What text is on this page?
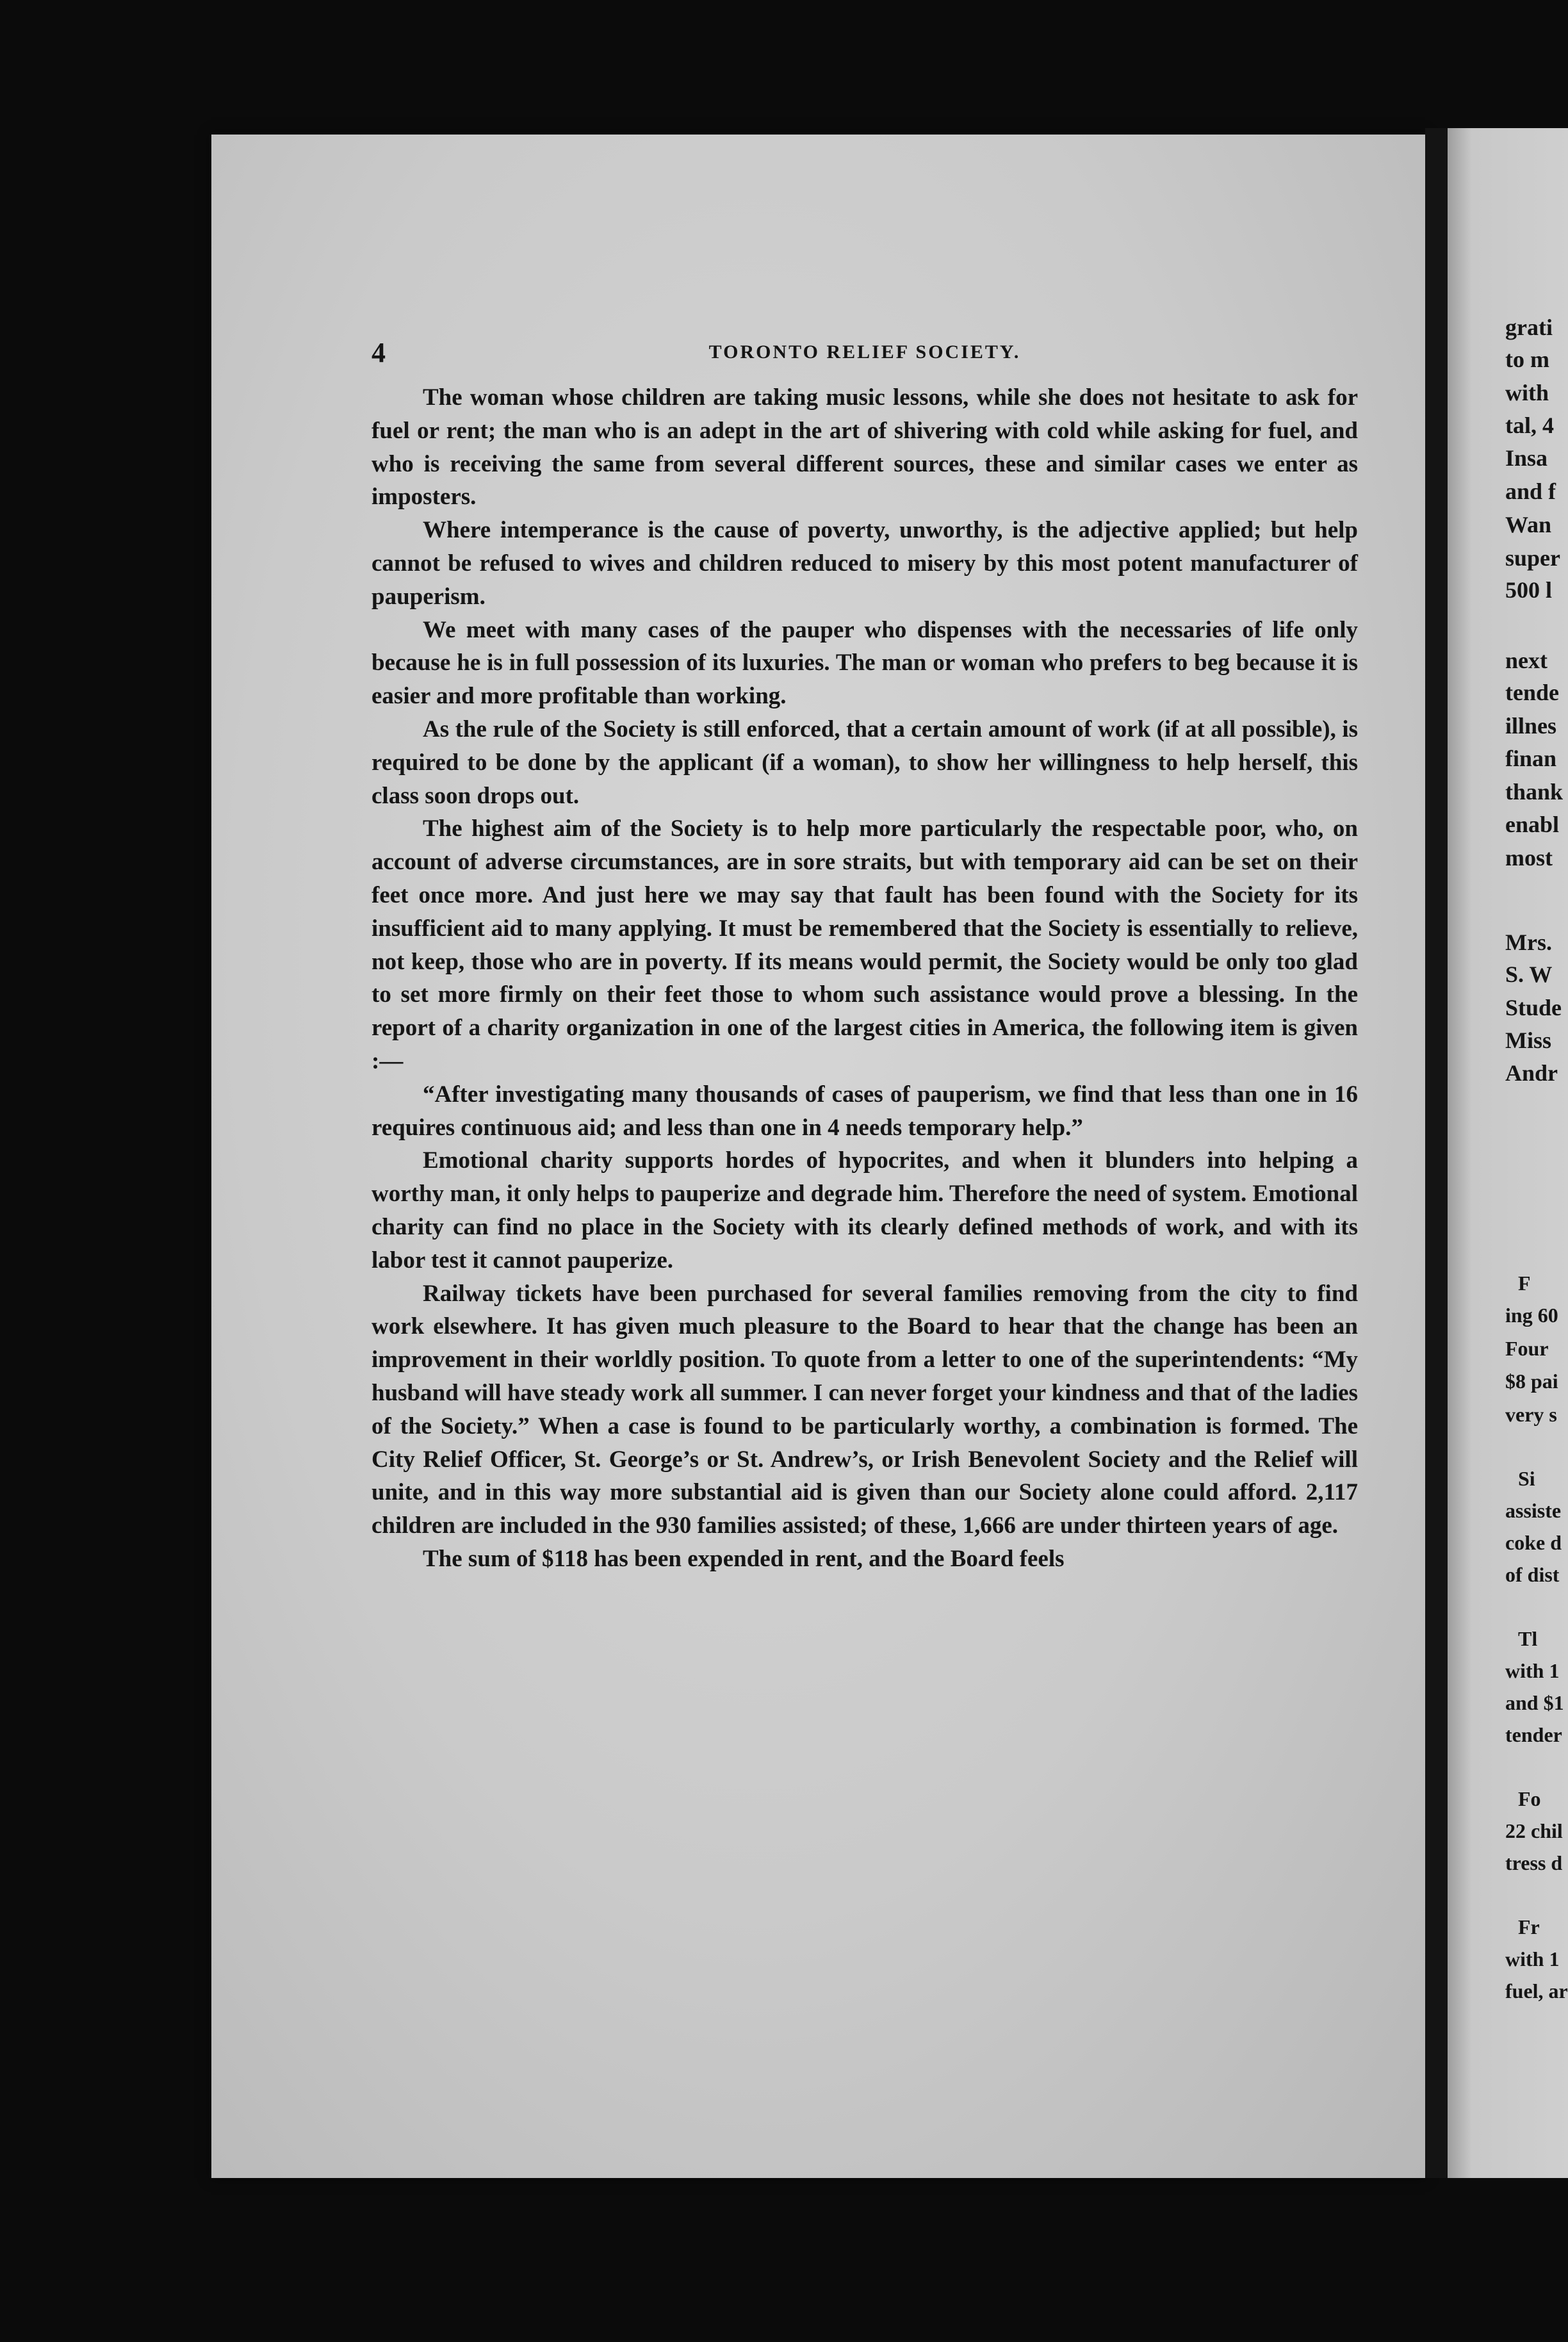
4	TORONTO RELIEF SOCIETY.

The woman whose children are taking music lessons, while she does not hesitate to ask for fuel or rent; the man who is an adept in the art of shivering with cold while asking for fuel, and who is receiving the same from several different sources, these and similar cases we enter as imposters.

Where intemperance is the cause of poverty, unworthy, is the adjective applied; but help cannot be refused to wives and children reduced to misery by this most potent manufacturer of pauperism.

We meet with many cases of the pauper who dispenses with the necessaries of life only because he is in full possession of its luxuries. The man or woman who prefers to beg because it is easier and more profitable than working.

As the rule of the Society is still enforced, that a certain amount of work (if at all possible), is required to be done by the applicant (if a woman), to show her willingness to help herself, this class soon drops out.

The highest aim of the Society is to help more particularly the respectable poor, who, on account of adverse circumstances, are in sore straits, but with temporary aid can be set on their feet once more. And just here we may say that fault has been found with the Society for its insufficient aid to many applying. It must be remembered that the Society is essentially to relieve, not keep, those who are in poverty. If its means would permit, the Society would be only too glad to set more firmly on their feet those to whom such assistance would prove a blessing. In the report of a charity organization in one of the largest cities in America, the following item is given :—

“After investigating many thousands of cases of pauperism, we find that less than one in 16 requires continuous aid; and less than one in 4 needs temporary help.”

Emotional charity supports hordes of hypocrites, and when it blunders into helping a worthy man, it only helps to pauperize and degrade him. Therefore the need of system. Emotional charity can find no place in the Society with its clearly defined methods of work, and with its labor test it cannot pauperize.

Railway tickets have been purchased for several families removing from the city to find work elsewhere. It has given much pleasure to the Board to hear that the change has been an improvement in their worldly position. To quote from a letter to one of the superintendents: “My husband will have steady work all summer. I can never forget your kindness and that of the ladies of the Society.” When a case is found to be particularly worthy, a combination is formed. The City Relief Officer, St. George’s or St. Andrew’s, or Irish Benevolent Society and the Relief will unite, and in this way more substantial aid is given than our Society alone could afford. 2,117 children are included in the 930 families assisted; of these, 1,666 are under thirteen years of age.

The sum of $118 has been expended in rent, and the Board feels

grati
to m
with
tal, 4
Insa
and f
Wan
super
500 l
next
tende
illnes
finan
thank
enabl
most
Mrs.
S. W
Stude
Miss
Andr
F
ing 60
Four
$8 pai
very s
Si
assiste
coke d
of dist
Tl
with 1
and $1
tender
Fo
22 chil
tress d
Fr
with 1
fuel, ar
